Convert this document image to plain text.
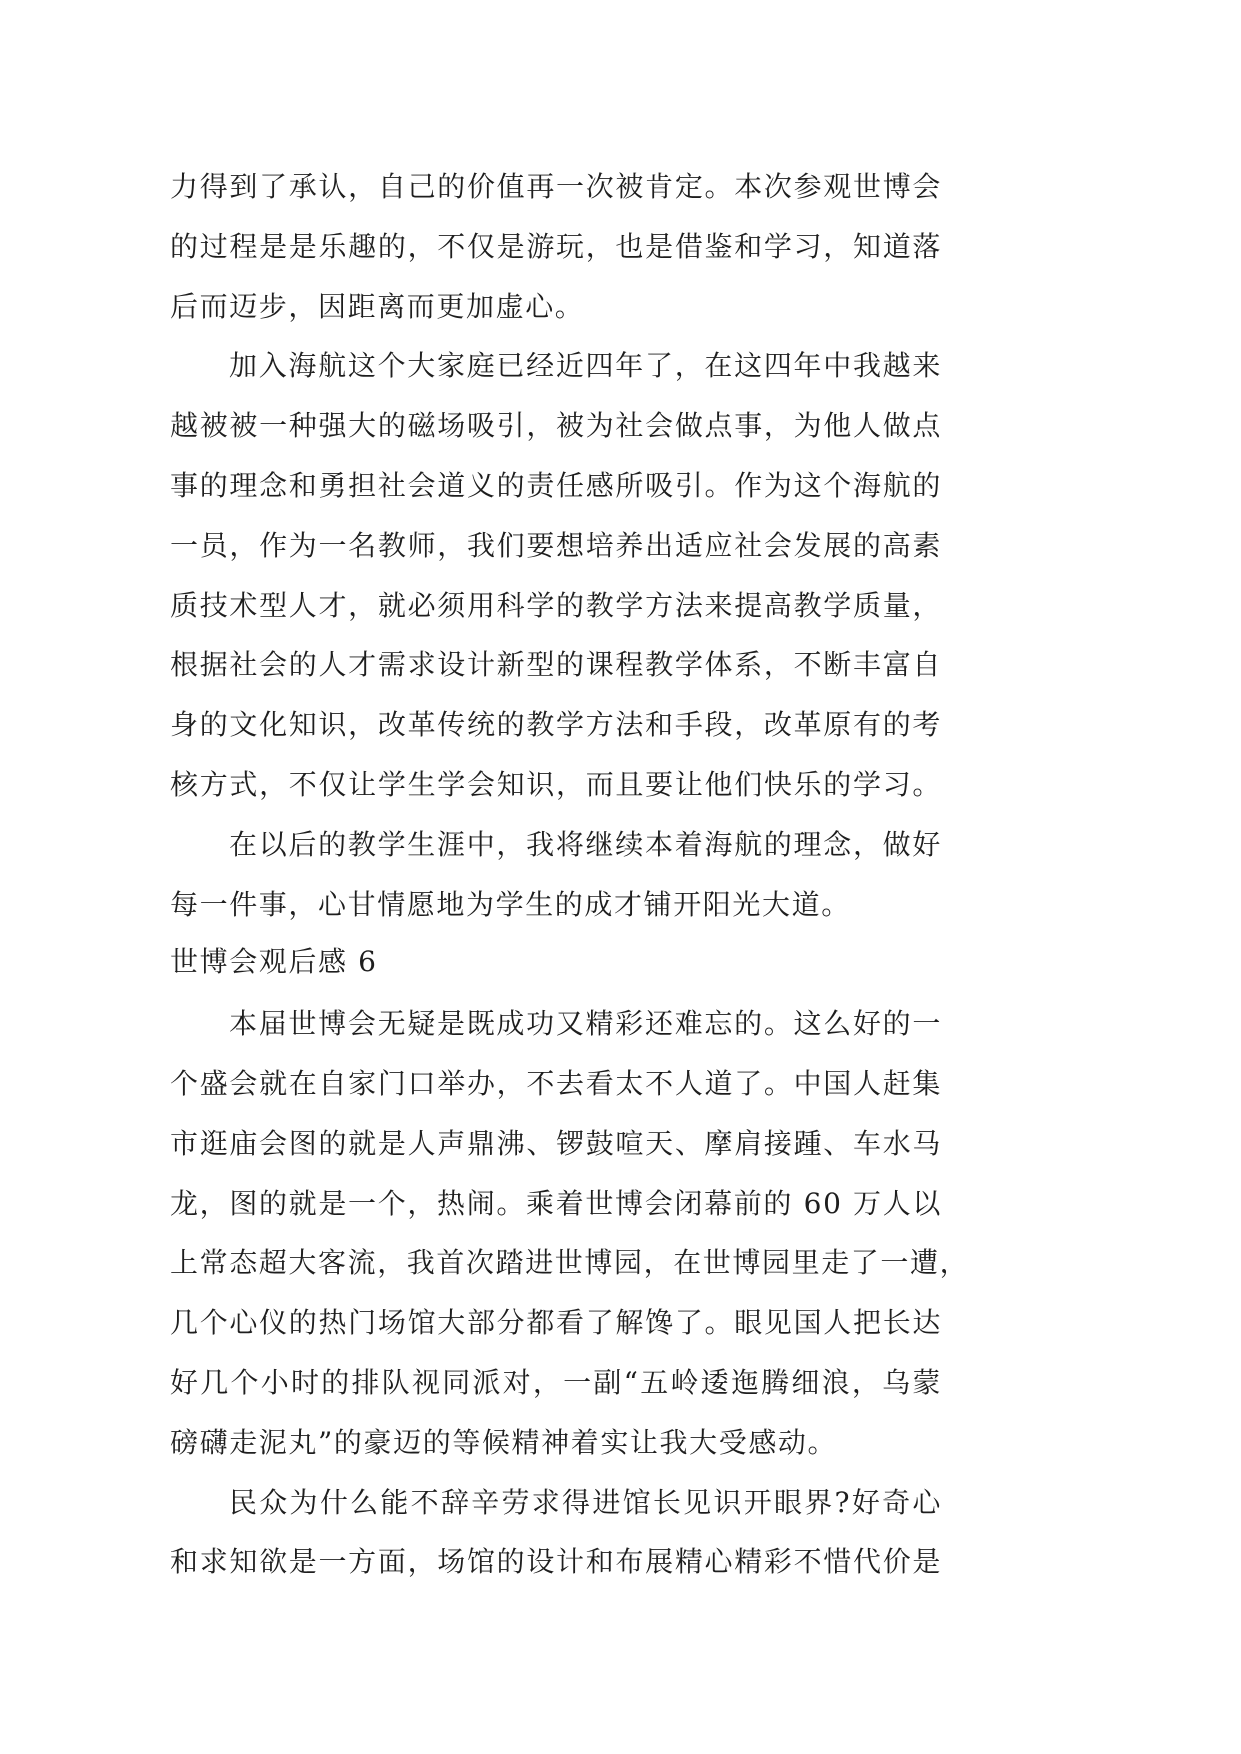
力得到了承认，自己的价值再一次被肯定。本次参观世博会
的过程是是乐趣的，不仅是游玩，也是借鉴和学习，知道落
后而迈步，因距离而更加虚心。
加入海航这个大家庭已经近四年了，在这四年中我越来
越被被一种强大的磁场吸引，被为社会做点事，为他人做点
事的理念和勇担社会道义的责任感所吸引。作为这个海航的
一员，作为一名教师，我们要想培养出适应社会发展的高素
质技术型人才，就必须用科学的教学方法来提高教学质量，
根据社会的人才需求设计新型的课程教学体系，不断丰富自
身的文化知识，改革传统的教学方法和手段，改革原有的考
核方式，不仅让学生学会知识，而且要让他们快乐的学习。
在以后的教学生涯中，我将继续本着海航的理念，做好
每一件事，心甘情愿地为学生的成才铺开阳光大道。
世博会观后感 6
本届世博会无疑是既成功又精彩还难忘的。这么好的一
个盛会就在自家门口举办，不去看太不人道了。中国人赶集
市逛庙会图的就是人声鼎沸、锣鼓喧天、摩肩接踵、车水马
龙，图的就是一个，热闹。乘着世博会闭幕前的 60 万人以
上常态超大客流，我首次踏进世博园，在世博园里走了一遭，
几个心仪的热门场馆大部分都看了解馋了。眼见国人把长达
好几个小时的排队视同派对，一副“五岭逶迤腾细浪，乌蒙
磅礴走泥丸”的豪迈的等候精神着实让我大受感动。
民众为什么能不辞辛劳求得进馆长见识开眼界?好奇心
和求知欲是一方面，场馆的设计和布展精心精彩不惜代价是
